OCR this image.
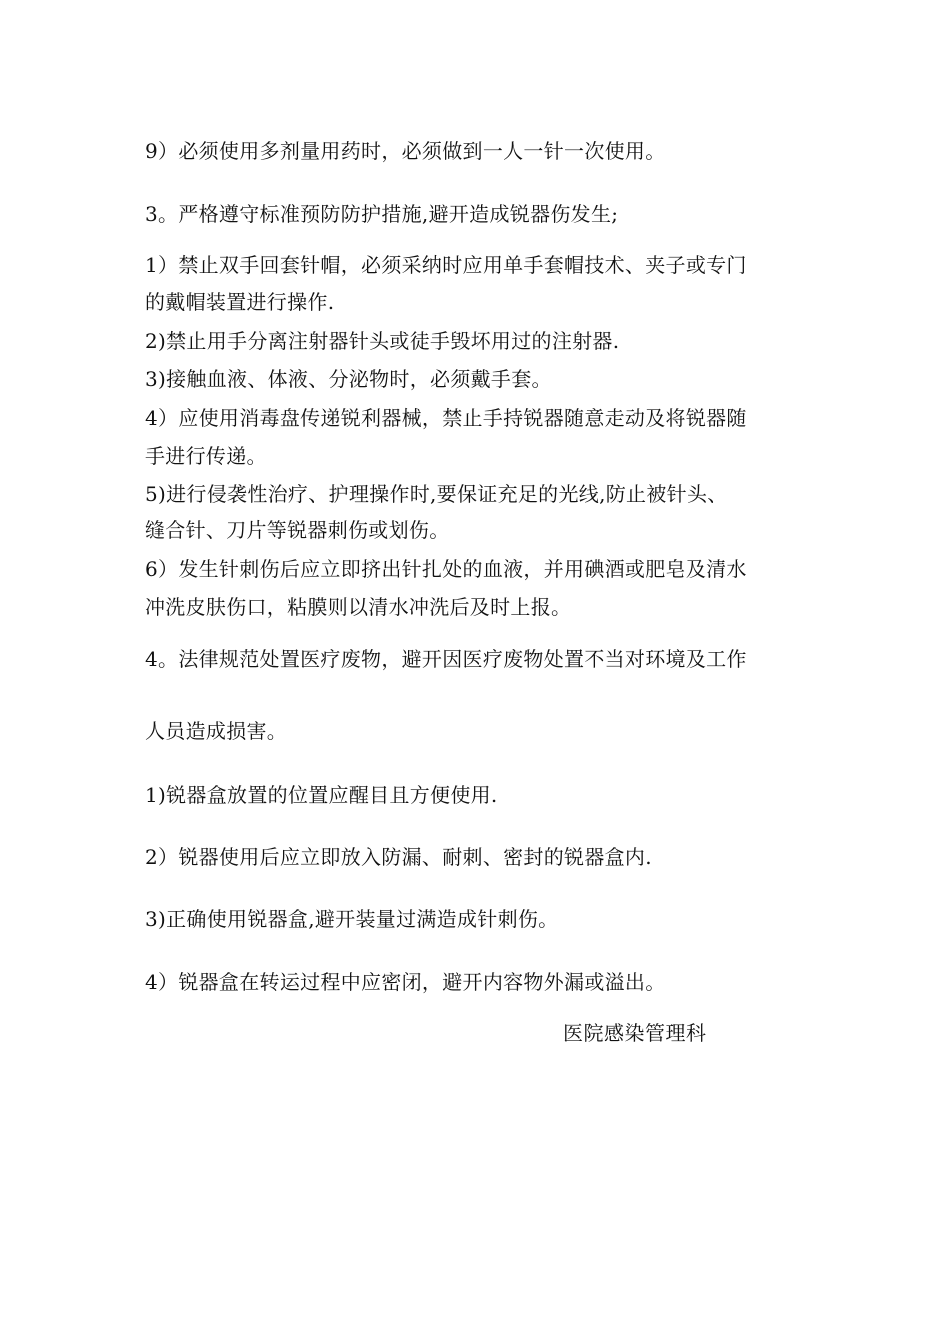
9）必须使用多剂量用药时，必须做到一人一针一次使用。
3。严格遵守标准预防防护措施,避开造成锐器伤发生;
1）禁止双手回套针帽，必须采纳时应用单手套帽技术、夹子或专门
的戴帽装置进行操作.
2)禁止用手分离注射器针头或徒手毁坏用过的注射器.
3)接触血液、体液、分泌物时，必须戴手套。
4）应使用消毒盘传递锐利器械，禁止手持锐器随意走动及将锐器随
手进行传递。
5)进行侵袭性治疗、护理操作时,要保证充足的光线,防止被针头、
缝合针、刀片等锐器刺伤或划伤。
6）发生针刺伤后应立即挤出针扎处的血液，并用碘酒或肥皂及清水
冲洗皮肤伤口，粘膜则以清水冲洗后及时上报。
4。法律规范处置医疗废物，避开因医疗废物处置不当对环境及工作
人员造成损害。
1)锐器盒放置的位置应醒目且方便使用.
2）锐器使用后应立即放入防漏、耐刺、密封的锐器盒内.
3)正确使用锐器盒,避开装量过满造成针刺伤。
4）锐器盒在转运过程中应密闭，避开内容物外漏或溢出。
医院感染管理科
